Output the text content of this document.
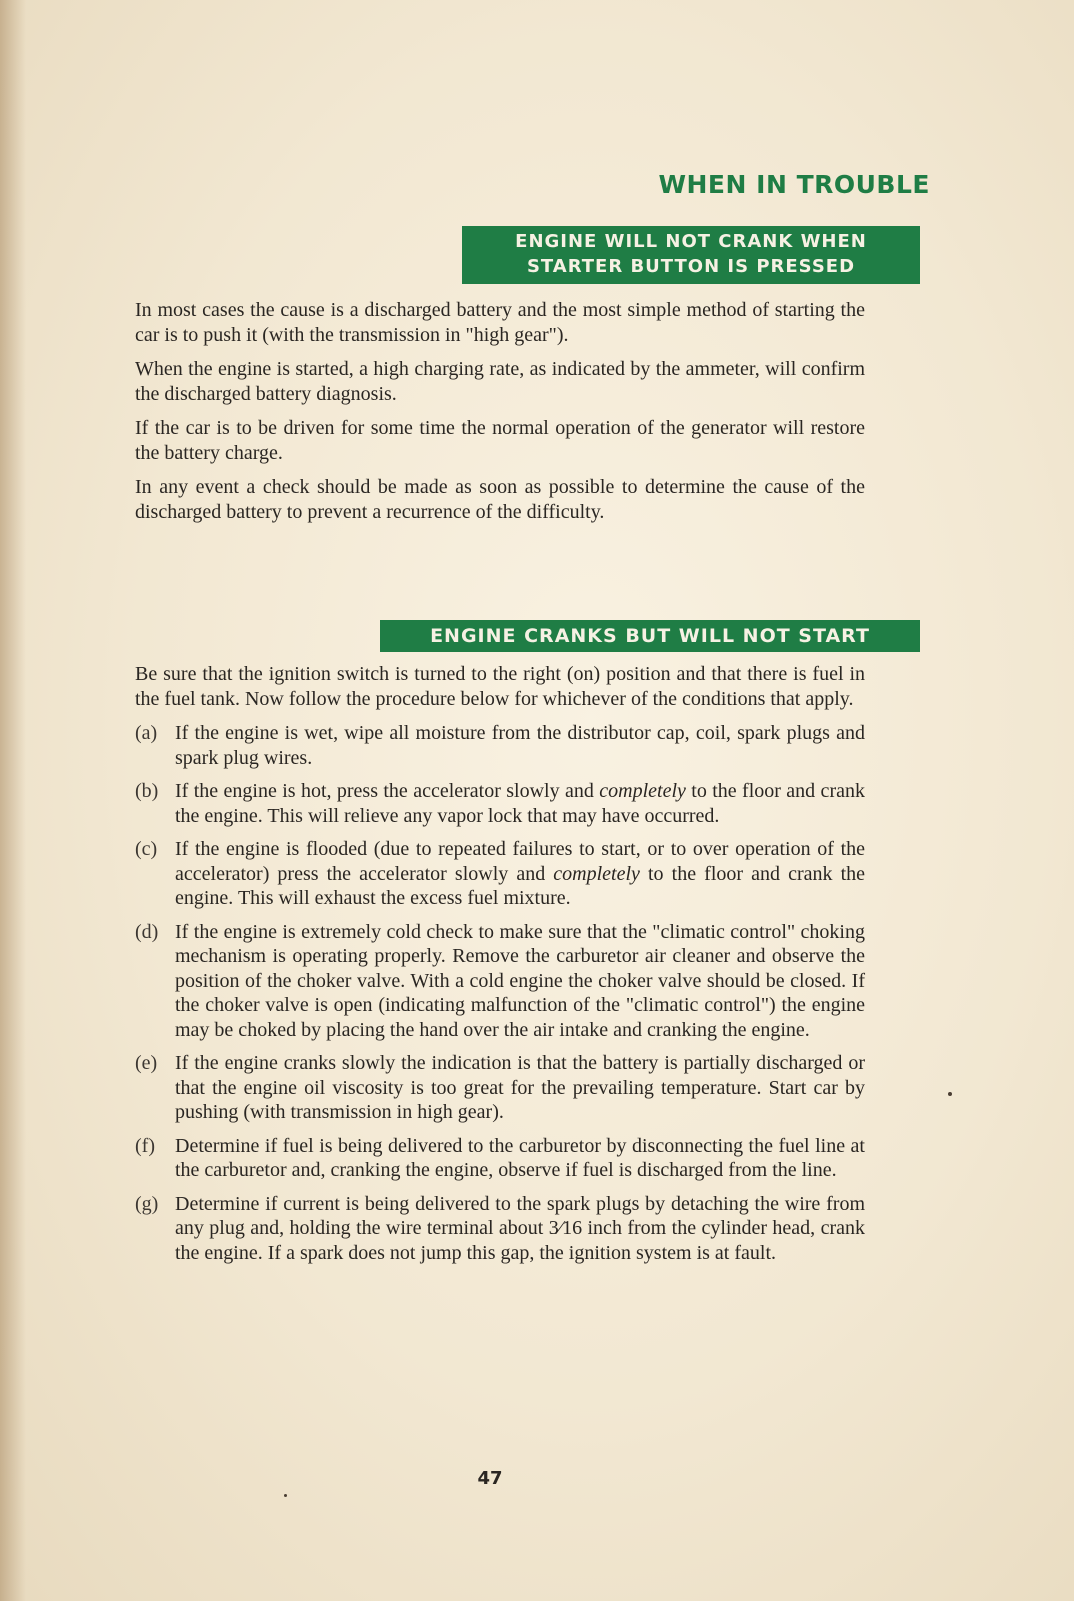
WHEN IN TROUBLE
ENGINE WILL NOT CRANK WHEN
STARTER BUTTON IS PRESSED

In most cases the cause is a discharged battery and the most simple method of starting the car is to push it (with the transmission in "high gear").

When the engine is started, a high charging rate, as indicated by the ammeter, will confirm the discharged battery diagnosis.

If the car is to be driven for some time the normal operation of the generator will restore the battery charge.

In any event a check should be made as soon as possible to determine the cause of the discharged battery to prevent a recurrence of the difficulty.

ENGINE CRANKS BUT WILL NOT START

Be sure that the ignition switch is turned to the right (on) position and that there is fuel in the fuel tank. Now follow the procedure below for whichever of the conditions that apply.

(a) If the engine is wet, wipe all moisture from the distributor cap, coil, spark plugs and spark plug wires.
(b) If the engine is hot, press the accelerator slowly and completely to the floor and crank the engine. This will relieve any vapor lock that may have occurred.
(c) If the engine is flooded (due to repeated failures to start, or to over operation of the accelerator) press the accelerator slowly and completely to the floor and crank the engine. This will exhaust the excess fuel mixture.
(d) If the engine is extremely cold check to make sure that the "climatic control" choking mechanism is operating properly. Remove the carburetor air cleaner and observe the position of the choker valve. With a cold engine the choker valve should be closed. If the choker valve is open (indicating malfunction of the "climatic control") the engine may be choked by placing the hand over the air intake and cranking the engine.
(e) If the engine cranks slowly the indication is that the battery is partially discharged or that the engine oil viscosity is too great for the prevailing temperature. Start car by pushing (with transmission in high gear).
(f)	Determine if fuel is being delivered to the carburetor by disconnecting the fuel line at the carburetor and, cranking the engine, observe if fuel is discharged from the line.
(g) Determine if current is being delivered to the spark plugs by detaching the wire from any plug and, holding the wire terminal about 3⁄16 inch from the cylinder head, crank the engine. If a spark does not jump this gap, the ignition system is at fault.
47
